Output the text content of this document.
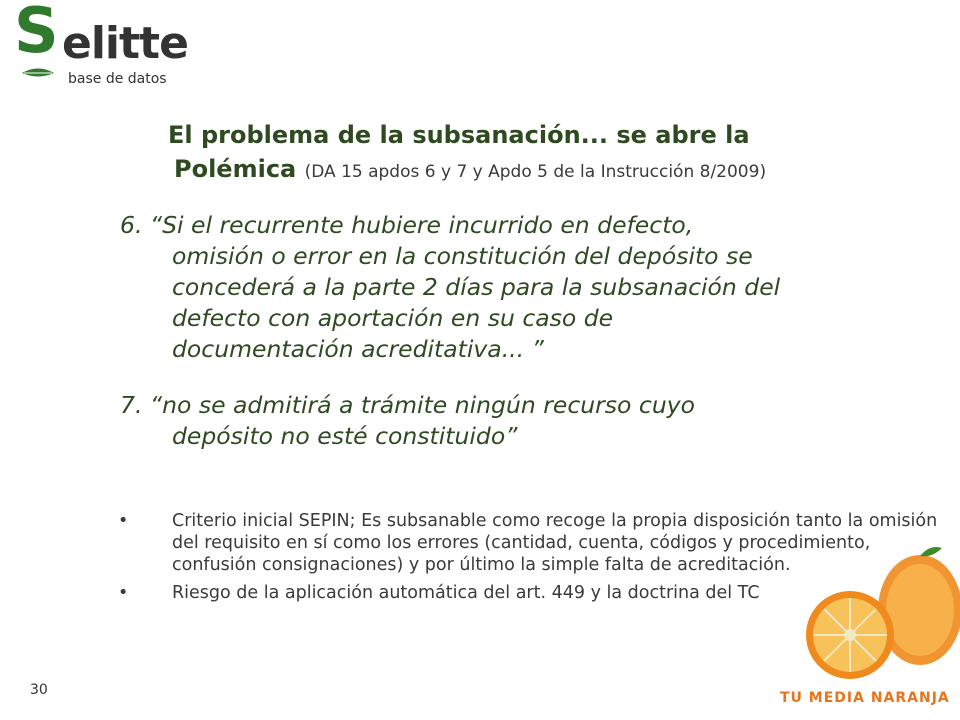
S elitte
base de datos
El problema de la subsanación... se abre la
Polémica (DA 15 apdos 6 y 7 y Apdo 5 de la Instrucción 8/2009)
6. “Si el recurrente hubiere incurrido en defecto,
omisión o error en la constitución del depósito se
concederá a la parte 2 días para la subsanación del
defecto con aportación en su caso de
documentación acreditativa... ”
7. “no se admitirá a trámite ningún recurso cuyo
depósito no esté constituido”
•	Criterio inicial SEPIN; Es subsanable como recoge la propia disposición tanto la omisión del requisito en sí como los errores (cantidad, cuenta, códigos y procedimiento, confusión consignaciones) y por último la simple falta de acreditación.
•	Riesgo de la aplicación automática del art. 449 y la doctrina del TC
30	TU MEDIA NARANJA
